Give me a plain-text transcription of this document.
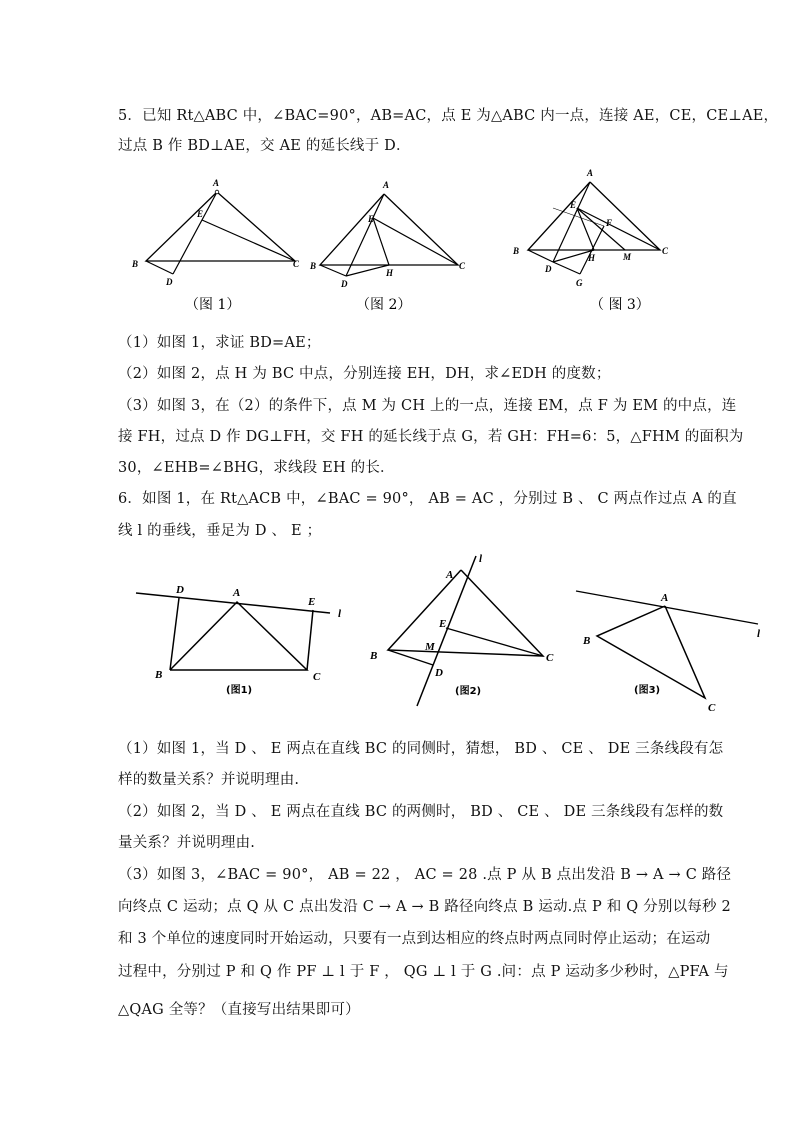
5．已知 Rt△ABC 中，∠BAC=90°，AB=AC，点 E 为△ABC 内一点，连接 AE，CE，CE⊥AE，
过点 B 作 BD⊥AE，交 AE 的延长线于 D．
A
E
B	C
D
（图 1）
A
E
B	C
D
H
（图 2）
A
E
F
B
D
H	M
C
G
（ 图 3）
（1）如图 1，求证 BD=AE；
（2）如图 2，点 H 为 BC 中点，分别连接 EH，DH，求∠EDH 的度数；
（3）如图 3，在（2）的条件下，点 M 为 CH 上的一点，连接 EM，点 F 为 EM 的中点，连
接 FH，过点 D 作 DG⊥FH，交 FH 的延长线于点 G，若 GH：FH=6：5，△FHM 的面积为
30，∠EHB=∠BHG，求线段 EH 的长．
6．如图 1，在 Rt△ACB 中，∠BAC = 90°， AB = AC ，分别过 B 、 C 两点作过点 A 的直
线 l 的垂线，垂足为 D 、 E ；
D	A
E
l
B	C
(图1)
l
A
E
M
B	C
D
(图2)
A
l
B
C
(图3)
（1）如图 1，当 D 、 E 两点在直线 BC 的同侧时，猜想， BD 、 CE 、 DE 三条线段有怎
样的数量关系？并说明理由.
（2）如图 2，当 D 、 E 两点在直线 BC 的两侧时， BD 、 CE 、 DE 三条线段有怎样的数
量关系？并说明理由.
（3）如图 3，∠BAC = 90°， AB = 22 ， AC = 28 .点 P 从 B 点出发沿 B → A → C 路径
向终点 C 运动；点 Q 从 C 点出发沿 C → A → B 路径向终点 B 运动.点 P 和 Q 分别以每秒 2
和 3 个单位的速度同时开始运动，只要有一点到达相应的终点时两点同时停止运动；在运动
过程中，分别过 P 和 Q 作 PF ⊥ l 于 F ， QG ⊥ l 于 G .问：点 P 运动多少秒时，△PFA 与
△QAG 全等？（直接写出结果即可）
